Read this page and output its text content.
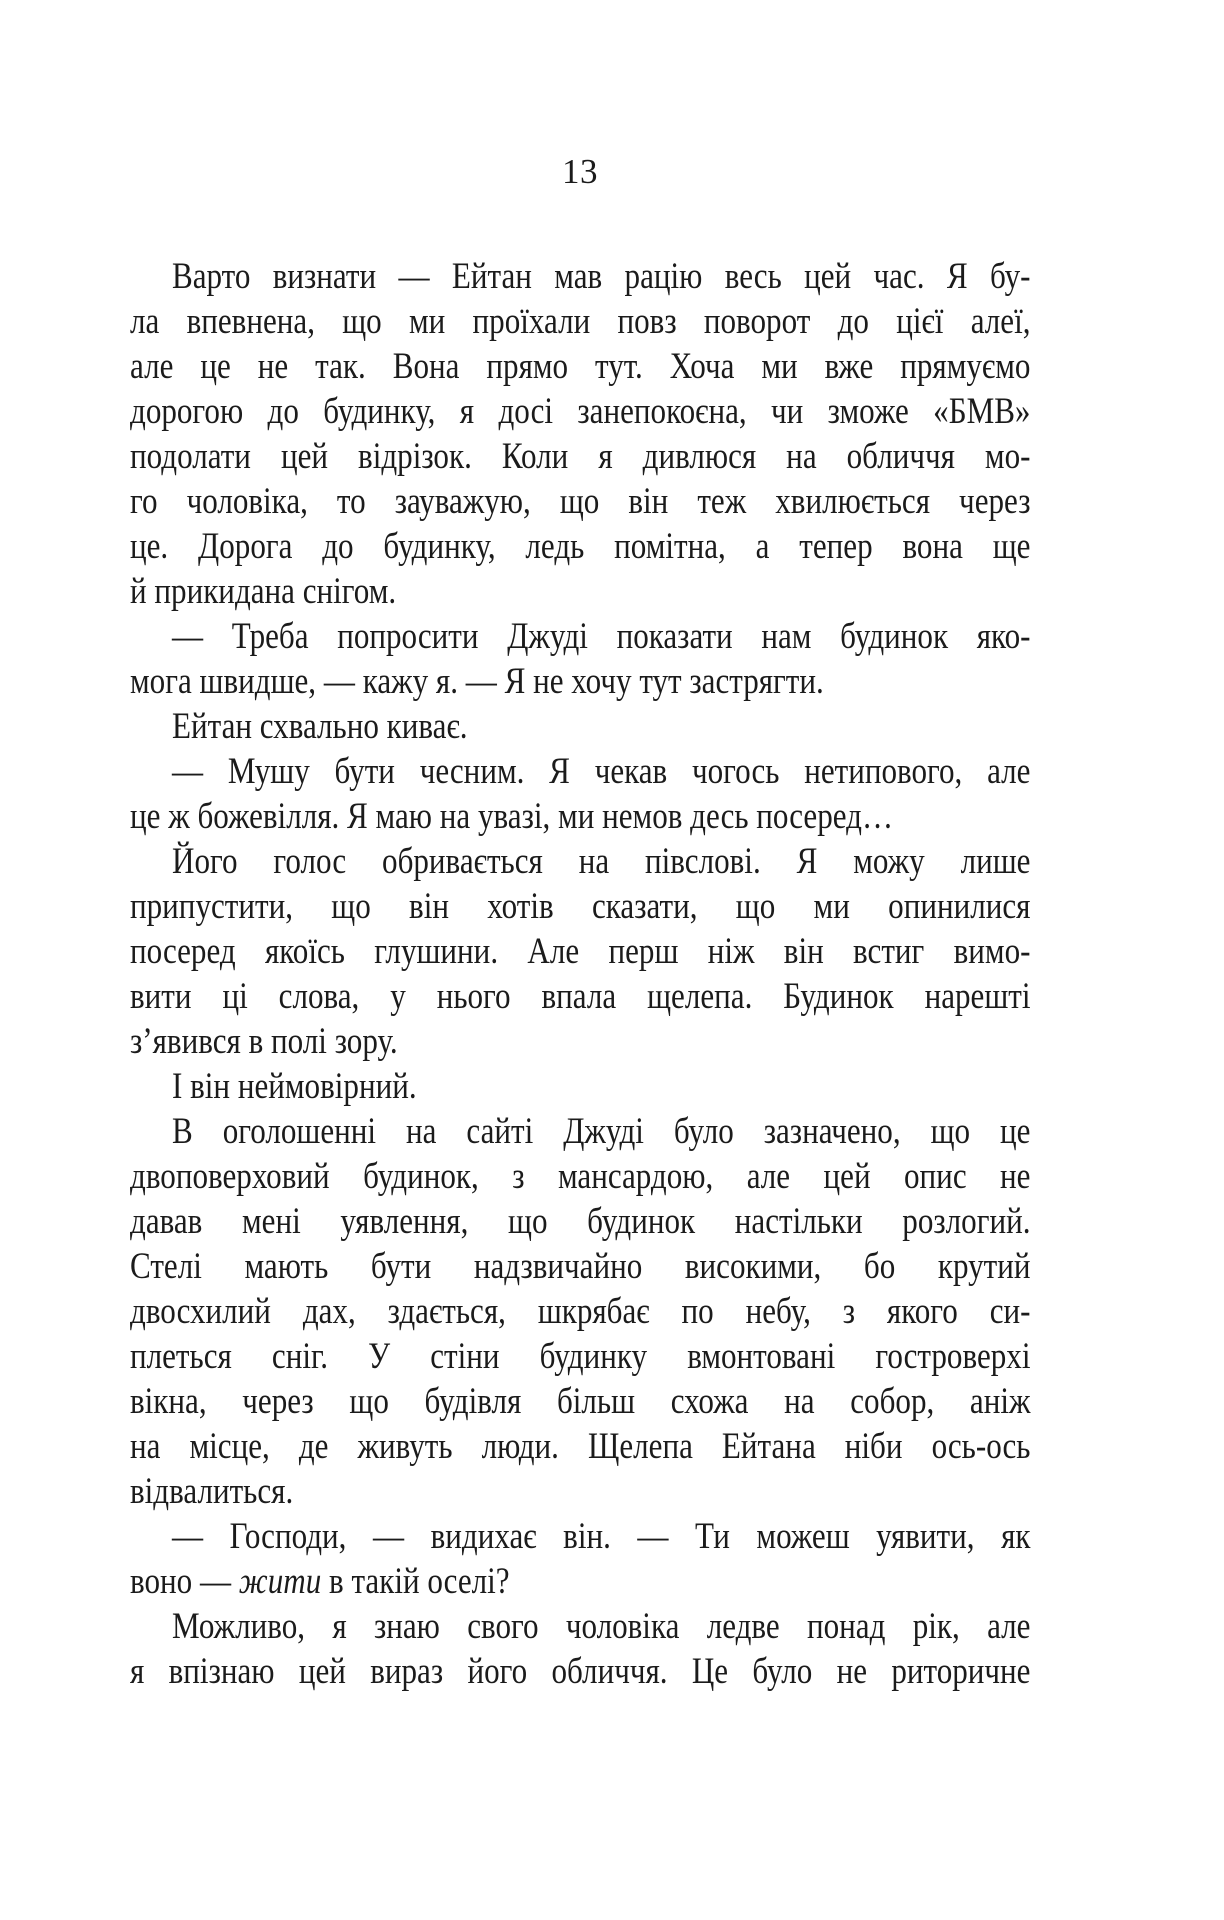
13
Варто визнати — Ейтан мав рацію весь цей час. Я бу-
ла впевнена, що ми проїхали повз поворот до цієї алеї,
але це не так. Вона прямо тут. Хоча ми вже прямуємо
дорогою до будинку, я досі занепокоєна, чи зможе «БМВ»
подолати цей відрізок. Коли я дивлюся на обличчя мо-
го чоловіка, то зауважую, що він теж хвилюється через
це. Дорога до будинку, ледь помітна, а тепер вона ще
й прикидана снігом.
— Треба попросити Джуді показати нам будинок яко-
мога швидше, — кажу я. — Я не хочу тут застрягти.
Ейтан схвально киває.
— Мушу бути чесним. Я чекав чогось нетипового, але
це ж божевілля. Я маю на увазі, ми немов десь посеред…
Його голос обривається на півслові. Я можу лише
припустити, що він хотів сказати, що ми опинилися
посеред якоїсь глушини. Але перш ніж він встиг вимо-
вити ці слова, у нього впала щелепа. Будинок нарешті
з’явився в полі зору.
І він неймовірний.
В оголошенні на сайті Джуді було зазначено, що це
двоповерховий будинок, з мансардою, але цей опис не
давав мені уявлення, що будинок настільки розлогий.
Стелі мають бути надзвичайно високими, бо крутий
двосхилий дах, здається, шкрябає по небу, з якого си-
плеться сніг. У стіни будинку вмонтовані гостроверхі
вікна, через що будівля більш схожа на собор, аніж
на місце, де живуть люди. Щелепа Ейтана ніби ось-ось
відвалиться.
— Господи, — видихає він. — Ти можеш уявити, як
воно — жити в такій оселі?
Можливо, я знаю свого чоловіка ледве понад рік, але
я впізнаю цей вираз його обличчя. Це було не риторичне
